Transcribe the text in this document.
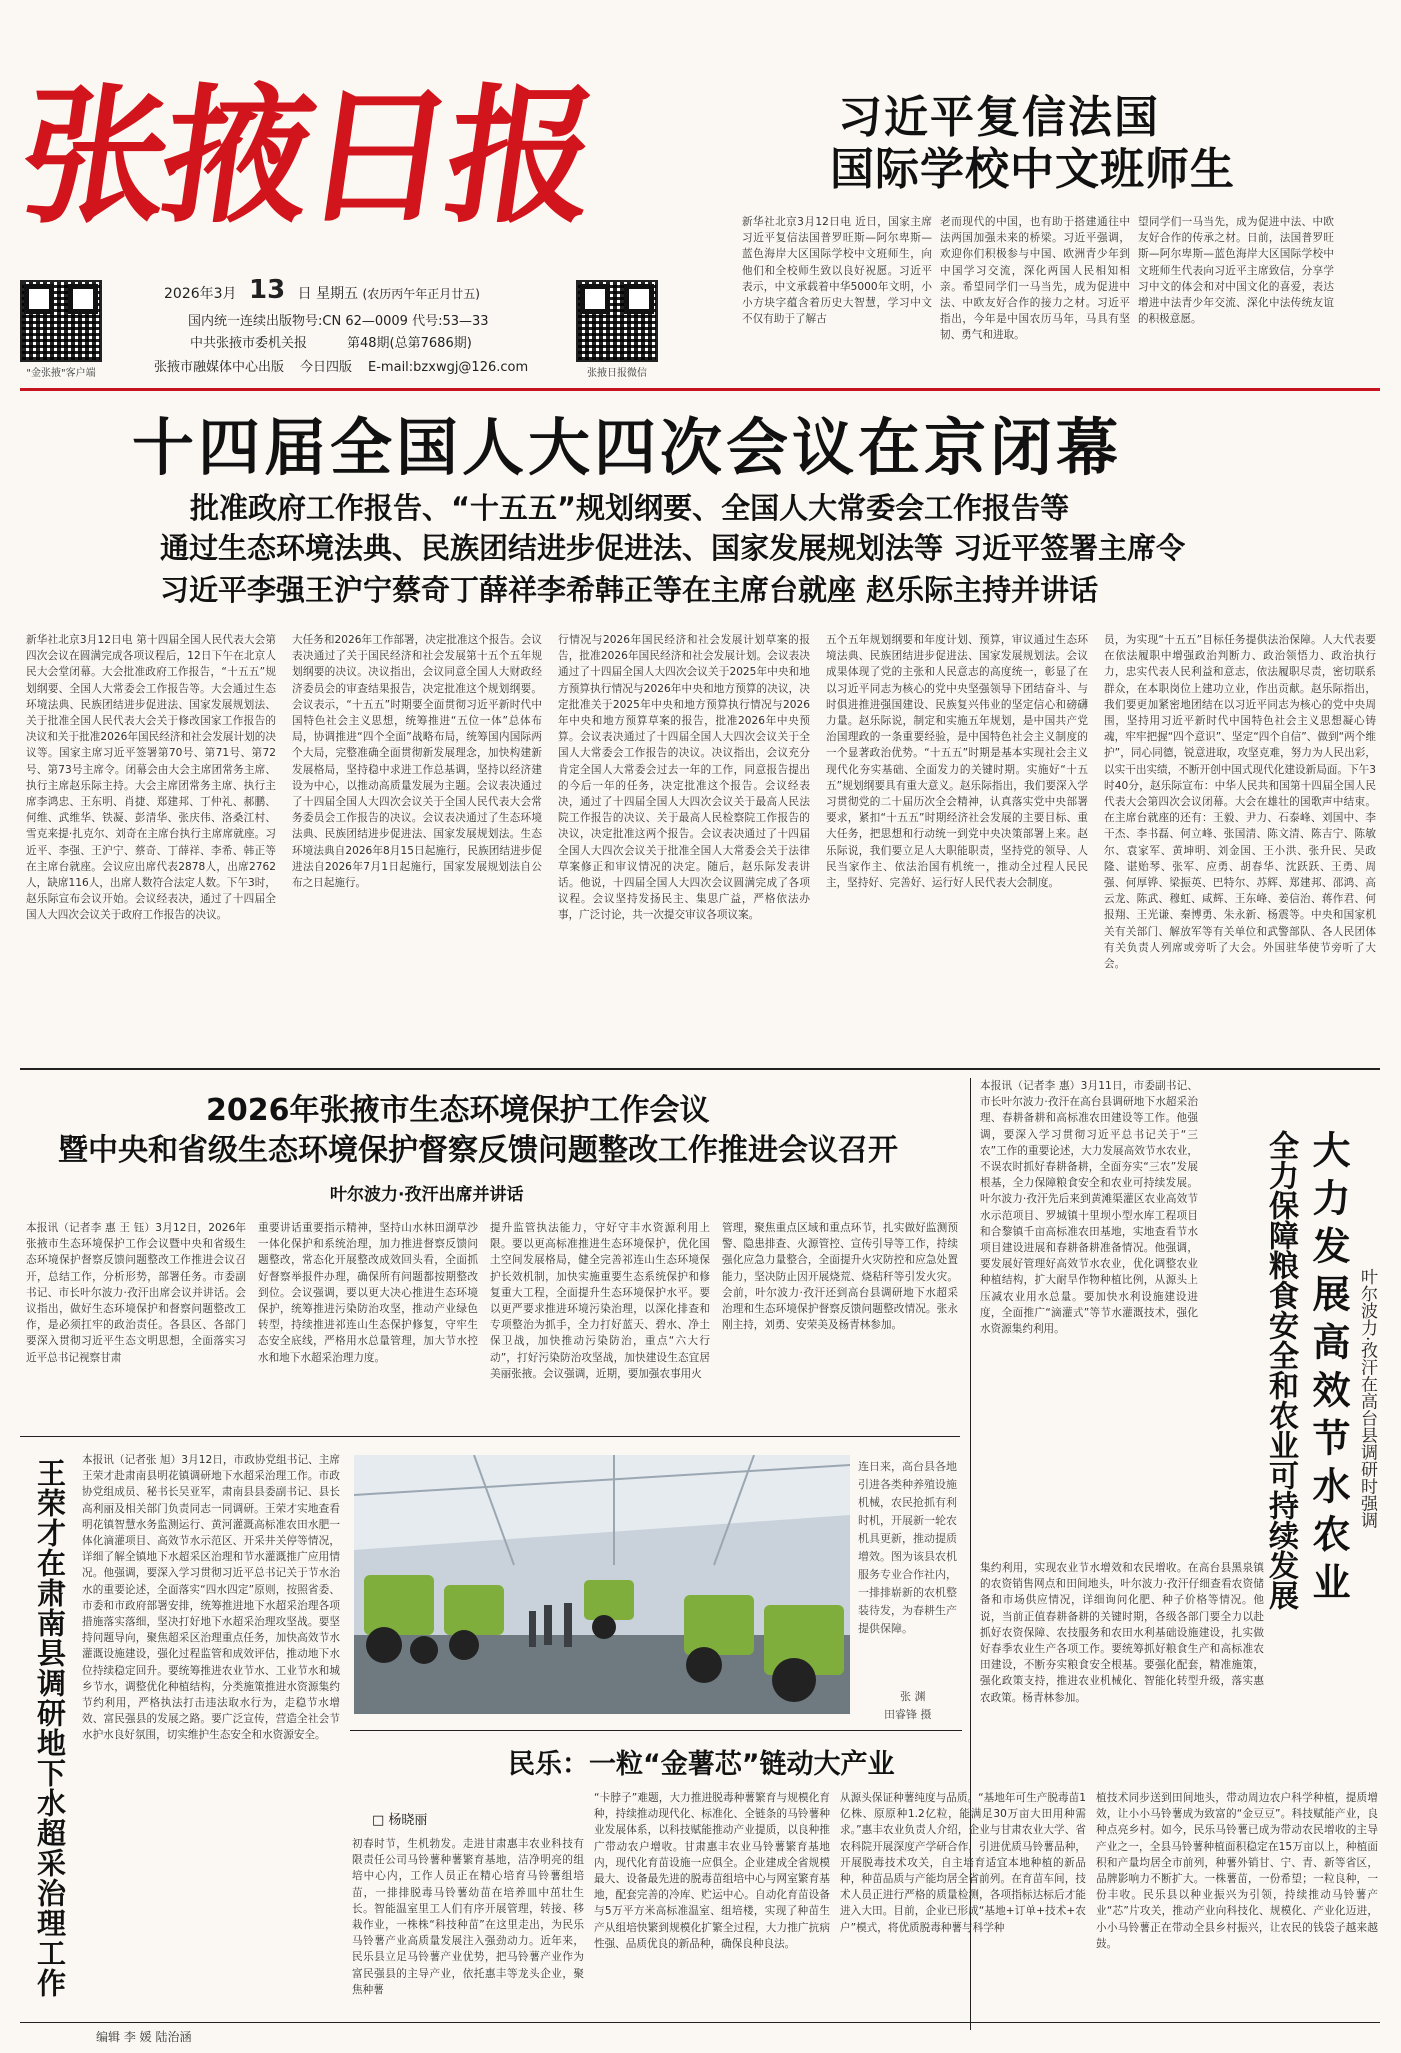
张掖日报
"金张掖"客户端	张掖日报微信
2026年3月 13 日 星期五 (农历丙午年正月廿五)
国内统一连续出版物号:CN 62—0009 代号:53—33
中共张掖市委机关报	第48期(总第7686期)
张掖市融媒体中心出版 今日四版 E-mail:bzxwgj@126.com
习近平复信法国
国际学校中文班师生
新华社北京3月12日电 近日，国家主席习近平复信法国普罗旺斯—阿尔卑斯—蓝色海岸大区国际学校中文班师生，向他们和全校师生致以良好祝愿。习近平表示，中文承载着中华5000年文明，小小方块字蕴含着历史大智慧，学习中文不仅有助于了解古
老而现代的中国，也有助于搭建通往中法两国加强未来的桥梁。习近平强调，欢迎你们积极参与中国、欧洲青少年到中国学习交流，深化两国人民相知相亲。希望同学们一马当先，成为促进中法、中欧友好合作的接力之材。习近平指出，今年是中国农历马年，马具有坚韧、勇气和进取。
望同学们一马当先，成为促进中法、中欧友好合作的传承之材。日前，法国普罗旺斯—阿尔卑斯—蓝色海岸大区国际学校中文班师生代表向习近平主席致信，分享学习中文的体会和对中国文化的喜爱，表达增进中法青少年交流、深化中法传统友谊的积极意愿。
十四届全国人大四次会议在京闭幕
批准政府工作报告、“十五五”规划纲要、全国人大常委会工作报告等
通过生态环境法典、民族团结进步促进法、国家发展规划法等 习近平签署主席令
习近平李强王沪宁蔡奇丁薛祥李希韩正等在主席台就座 赵乐际主持并讲话
新华社北京3月12日电 第十四届全国人民代表大会第四次会议在圆满完成各项议程后，12日下午在北京人民大会堂闭幕。大会批准政府工作报告，“十五五”规划纲要、全国人大常委会工作报告等。大会通过生态环境法典、民族团结进步促进法、国家发展规划法、关于批准全国人民代表大会关于修改国家工作报告的决议和关于批准2026年国民经济和社会发展计划的决议等。国家主席习近平签署第70号、第71号、第72号、第73号主席令。闭幕会由大会主席团常务主席、执行主席赵乐际主持。大会主席团常务主席、执行主席李鸿忠、王东明、肖捷、郑建邦、丁仲礼、郝鹏、何维、武维华、铁凝、彭清华、张庆伟、洛桑江村、雪克来提·扎克尔、刘奇在主席台执行主席席就座。习近平、李强、王沪宁、蔡奇、丁薛祥、李希、韩正等在主席台就座。会议应出席代表2878人，出席2762人，缺席116人，出席人数符合法定人数。下午3时，赵乐际宣布会议开始。会议经表决，通过了十四届全国人大四次会议关于政府工作报告的决议。
大任务和2026年工作部署，决定批准这个报告。会议表决通过了关于国民经济和社会发展第十五个五年规划纲要的决议。决议指出，会议同意全国人大财政经济委员会的审查结果报告，决定批准这个规划纲要。会议表示，“十五五”时期要全面贯彻习近平新时代中国特色社会主义思想，统筹推进“五位一体”总体布局，协调推进“四个全面”战略布局，统筹国内国际两个大局，完整准确全面贯彻新发展理念，加快构建新发展格局，坚持稳中求进工作总基调，坚持以经济建设为中心，以推动高质量发展为主题。会议表决通过了十四届全国人大四次会议关于全国人民代表大会常务委员会工作报告的决议。会议表决通过了生态环境法典、民族团结进步促进法、国家发展规划法。生态环境法典自2026年8月15日起施行，民族团结进步促进法自2026年7月1日起施行，国家发展规划法自公布之日起施行。
行情况与2026年国民经济和社会发展计划草案的报告，批准2026年国民经济和社会发展计划。会议表决通过了十四届全国人大四次会议关于2025年中央和地方预算执行情况与2026年中央和地方预算的决议，决定批准关于2025年中央和地方预算执行情况与2026年中央和地方预算草案的报告，批准2026年中央预算。会议表决通过了十四届全国人大四次会议关于全国人大常委会工作报告的决议。决议指出，会议充分肯定全国人大常委会过去一年的工作，同意报告提出的今后一年的任务，决定批准这个报告。会议经表决，通过了十四届全国人大四次会议关于最高人民法院工作报告的决议、关于最高人民检察院工作报告的决议，决定批准这两个报告。会议表决通过了十四届全国人大四次会议关于批准全国人大常委会关于法律草案修正和审议情况的决定。随后，赵乐际发表讲话。他说，十四届全国人大四次会议圆满完成了各项议程。会议坚持发扬民主、集思广益，严格依法办事，广泛讨论，共一次提交审议各项议案。
五个五年规划纲要和年度计划、预算，审议通过生态环境法典、民族团结进步促进法、国家发展规划法。会议成果体现了党的主张和人民意志的高度统一，彰显了在以习近平同志为核心的党中央坚强领导下团结奋斗、与时俱进推进强国建设、民族复兴伟业的坚定信心和磅礴力量。赵乐际说，制定和实施五年规划，是中国共产党治国理政的一条重要经验，是中国特色社会主义制度的一个显著政治优势。“十五五”时期是基本实现社会主义现代化夯实基础、全面发力的关键时期。实施好“十五五”规划纲要具有重大意义。赵乐际指出，我们要深入学习贯彻党的二十届历次全会精神，认真落实党中央部署要求，紧扣“十五五”时期经济社会发展的主要目标、重大任务，把思想和行动统一到党中央决策部署上来。赵乐际说，我们要立足人大职能职责，坚持党的领导、人民当家作主、依法治国有机统一，推动全过程人民民主，坚持好、完善好、运行好人民代表大会制度。
员，为实现“十五五”目标任务提供法治保障。人大代表要在依法履职中增强政治判断力、政治领悟力、政治执行力，忠实代表人民利益和意志，依法履职尽责，密切联系群众，在本职岗位上建功立业，作出贡献。赵乐际指出，我们要更加紧密地团结在以习近平同志为核心的党中央周围，坚持用习近平新时代中国特色社会主义思想凝心铸魂，牢牢把握“四个意识”、坚定“四个自信”、做到“两个维护”，同心同德，锐意进取，攻坚克难，努力为人民出彩，以实干出实绩，不断开创中国式现代化建设新局面。下午3时40分，赵乐际宣布：中华人民共和国第十四届全国人民代表大会第四次会议闭幕。大会在雄壮的国歌声中结束。在主席台就座的还有：王毅、尹力、石泰峰、刘国中、李干杰、李书磊、何立峰、张国清、陈文清、陈吉宁、陈敏尔、袁家军、黄坤明、刘金国、王小洪、张升民、吴政隆、谌贻琴、张军、应勇、胡春华、沈跃跃、王勇、周强、何厚铧、梁振英、巴特尔、苏辉、郑建邦、邵鸿、高云龙、陈武、穆虹、咸辉、王东峰、姜信治、蒋作君、何报翔、王光谦、秦博勇、朱永新、杨震等。中央和国家机关有关部门、解放军等有关单位和武警部队、各人民团体有关负责人列席或旁听了大会。外国驻华使节旁听了大会。
2026年张掖市生态环境保护工作会议
暨中央和省级生态环境保护督察反馈问题整改工作推进会议召开
叶尔波力·孜汗出席并讲话
本报讯（记者李 惠 王 钰）3月12日，2026年张掖市生态环境保护工作会议暨中央和省级生态环境保护督察反馈问题整改工作推进会议召开，总结工作，分析形势，部署任务。市委副书记、市长叶尔波力·孜汗出席会议并讲话。会议指出，做好生态环境保护和督察问题整改工作，是必须扛牢的政治责任。各县区、各部门要深入贯彻习近平生态文明思想，全面落实习近平总书记视察甘肃
重要讲话重要指示精神，坚持山水林田湖草沙一体化保护和系统治理，加力推进督察反馈问题整改，常态化开展整改成效回头看，全面抓好督察举报件办理，确保所有问题都按期整改到位。会议强调，要以更大决心推进生态环境保护，统筹推进污染防治攻坚，推动产业绿色转型，持续推进祁连山生态保护修复，守牢生态安全底线，严格用水总量管理，加大节水控水和地下水超采治理力度。
提升监管执法能力，守好守丰水资源利用上限。要以更高标准推进生态环境保护，优化国土空间发展格局，健全完善祁连山生态环境保护长效机制，加快实施重要生态系统保护和修复重大工程，全面提升生态环境保护水平。要以更严要求推进环境污染治理，以深化排查和专项整治为抓手，全力打好蓝天、碧水、净土保卫战，加快推动污染防治，重点“六大行动”，打好污染防治攻坚战，加快建设生态宜居美丽张掖。会议强调，近期，要加强农事用火
管理，聚焦重点区域和重点环节，扎实做好监测预警、隐患排查、火源管控、宣传引导等工作，持续强化应急力量整合，全面提升火灾防控和应急处置能力，坚决防止因开展烧荒、烧秸秆等引发火灾。会前，叶尔波力·孜汗还到高台县调研地下水超采治理和生态环境保护督察反馈问题整改情况。张永刚主持，刘勇、安荣美及杨青林参加。
本报讯（记者李 惠）3月11日，市委副书记、市长叶尔波力·孜汗在高台县调研地下水超采治理、春耕备耕和高标准农田建设等工作。他强调，要深入学习贯彻习近平总书记关于“三农”工作的重要论述，大力发展高效节水农业，不误农时抓好春耕备耕，全面夯实“三农”发展根基，全力保障粮食安全和农业可持续发展。叶尔波力·孜汗先后来到黄滩渠灌区农业高效节水示范项目、罗城镇十里坝小型水库工程项目和合黎镇千亩高标准农田基地，实地查看节水项目建设进展和春耕备耕准备情况。他强调，要发展好管理好高效节水农业，优化调整农业种植结构，扩大耐旱作物种植比例，从源头上压减农业用水总量。要加快水利设施建设进度，全面推广“滴灌式”等节水灌溉技术，强化水资源集约利用。	大力发展高效节水农业
全力保障粮食安全和农业可持续发展	叶尔波力·孜汗在高台县调研时强调
集约利用，实现农业节水增效和农民增收。在高台县黑泉镇的农资销售网点和田间地头，叶尔波力·孜汗仔细查看农资储备和市场供应情况，详细询问化肥、种子价格等情况。他说，当前正值春耕备耕的关键时期，各级各部门要全力以赴抓好农资保障、农技服务和农田水利基础设施建设，扎实做好春季农业生产各项工作。要统筹抓好粮食生产和高标准农田建设，不断夯实粮食安全根基。要强化配套，精准施策，强化政策支持，推进农业机械化、智能化转型升级，落实惠农政策。杨青林参加。
王荣才在肃南县调研地下水超采治理工作 本报讯（记者张 旭）3月12日，市政协党组书记、主席王荣才赴肃南县明花镇调研地下水超采治理工作。市政协党组成员、秘书长吴亚军，肃南县县委副书记、县长高利丽及相关部门负责同志一同调研。王荣才实地查看明花镇智慧水务监测运行、黄河灌溉高标准农田水肥一体化滴灌项目、高效节水示范区、开采井关停等情况，详细了解全镇地下水超采区治理和节水灌溉推广应用情况。他强调，要深入学习贯彻习近平总书记关于节水治水的重要论述，全面落实“四水四定”原则，按照省委、市委和市政府部署安排，统筹推进地下水超采治理各项措施落实落细，坚决打好地下水超采治理攻坚战。要坚持问题导向，聚焦超采区治理重点任务，加快高效节水灌溉设施建设，强化过程监管和成效评估，推动地下水位持续稳定回升。要统筹推进农业节水、工业节水和城乡节水，调整优化种植结构，分类施策推进水资源集约节约利用，严格执法打击违法取水行为，走稳节水增效、富民强县的发展之路。要广泛宣传，营造全社会节水护水良好氛围，切实维护生态安全和水资源安全。
连日来，高台县各地引进各类种养殖设施机械，农民抢抓有利时机，开展新一轮农机具更新，推动提质增效。图为该县农机服务专业合作社内，一排排崭新的农机整装待发，为春耕生产提供保障。
张 渊
田睿锋 摄
民乐：一粒“金薯芯”链动大产业
□ 杨晓丽
初春时节，生机勃发。走进甘肃惠丰农业科技有限责任公司马铃薯种薯繁育基地，洁净明亮的组培中心内，工作人员正在精心培育马铃薯组培苗，一排排脱毒马铃薯幼苗在培养皿中茁壮生长。智能温室里工人们有序开展管理，转接、移栽作业，一株株“科技种苗”在这里走出，为民乐马铃薯产业高质量发展注入强劲动力。近年来，民乐县立足马铃薯产业优势，把马铃薯产业作为富民强县的主导产业，依托惠丰等龙头企业，聚焦种薯
“卡脖子”难题，大力推进脱毒种薯繁育与规模化育种，持续推动现代化、标准化、全链条的马铃薯种业发展体系，以科技赋能推动产业提质，以良种推广带动农户增收。甘肃惠丰农业马铃薯繁育基地内，现代化育苗设施一应俱全。企业建成全省规模最大、设备最先进的脱毒苗组培中心与网室繁育基地，配套完善的冷库、贮运中心。自动化育苗设备与5万平方米高标准温室、组培楼，实现了种苗生产从组培快繁到规模化扩繁全过程，大力推广抗病性强、品质优良的新品种，确保良种良法。
从源头保证种薯纯度与品质。“基地年可生产脱毒苗1亿株、原原种1.2亿粒，能满足30万亩大田用种需求。”惠丰农业负责人介绍，企业与甘肃农业大学、省农科院开展深度产学研合作，引进优质马铃薯品种，开展脱毒技术攻关，自主培育适宜本地种植的新品种，种苗品质与产能均居全省前列。在育苗车间，技术人员正进行严格的质量检测，各项指标达标后才能进入大田。目前，企业已形成“基地+订单+技术+农户”模式，将优质脱毒种薯与科学种
植技术同步送到田间地头，带动周边农户科学种植，提质增效，让小小马铃薯成为致富的“金豆豆”。科技赋能产业，良种点亮乡村。如今，民乐马铃薯已成为带动农民增收的主导产业之一，全县马铃薯种植面积稳定在15万亩以上，种植面积和产量均居全市前列，种薯外销甘、宁、青、新等省区，品牌影响力不断扩大。一株薯苗，一份希望；一粒良种，一份丰收。民乐县以种业振兴为引领，持续推动马铃薯产业“芯”片攻关，推动产业向科技化、规模化、产业化迈进，小小马铃薯正在带动全县乡村振兴，让农民的钱袋子越来越鼓。
编辑 李 媛 陆治涵
